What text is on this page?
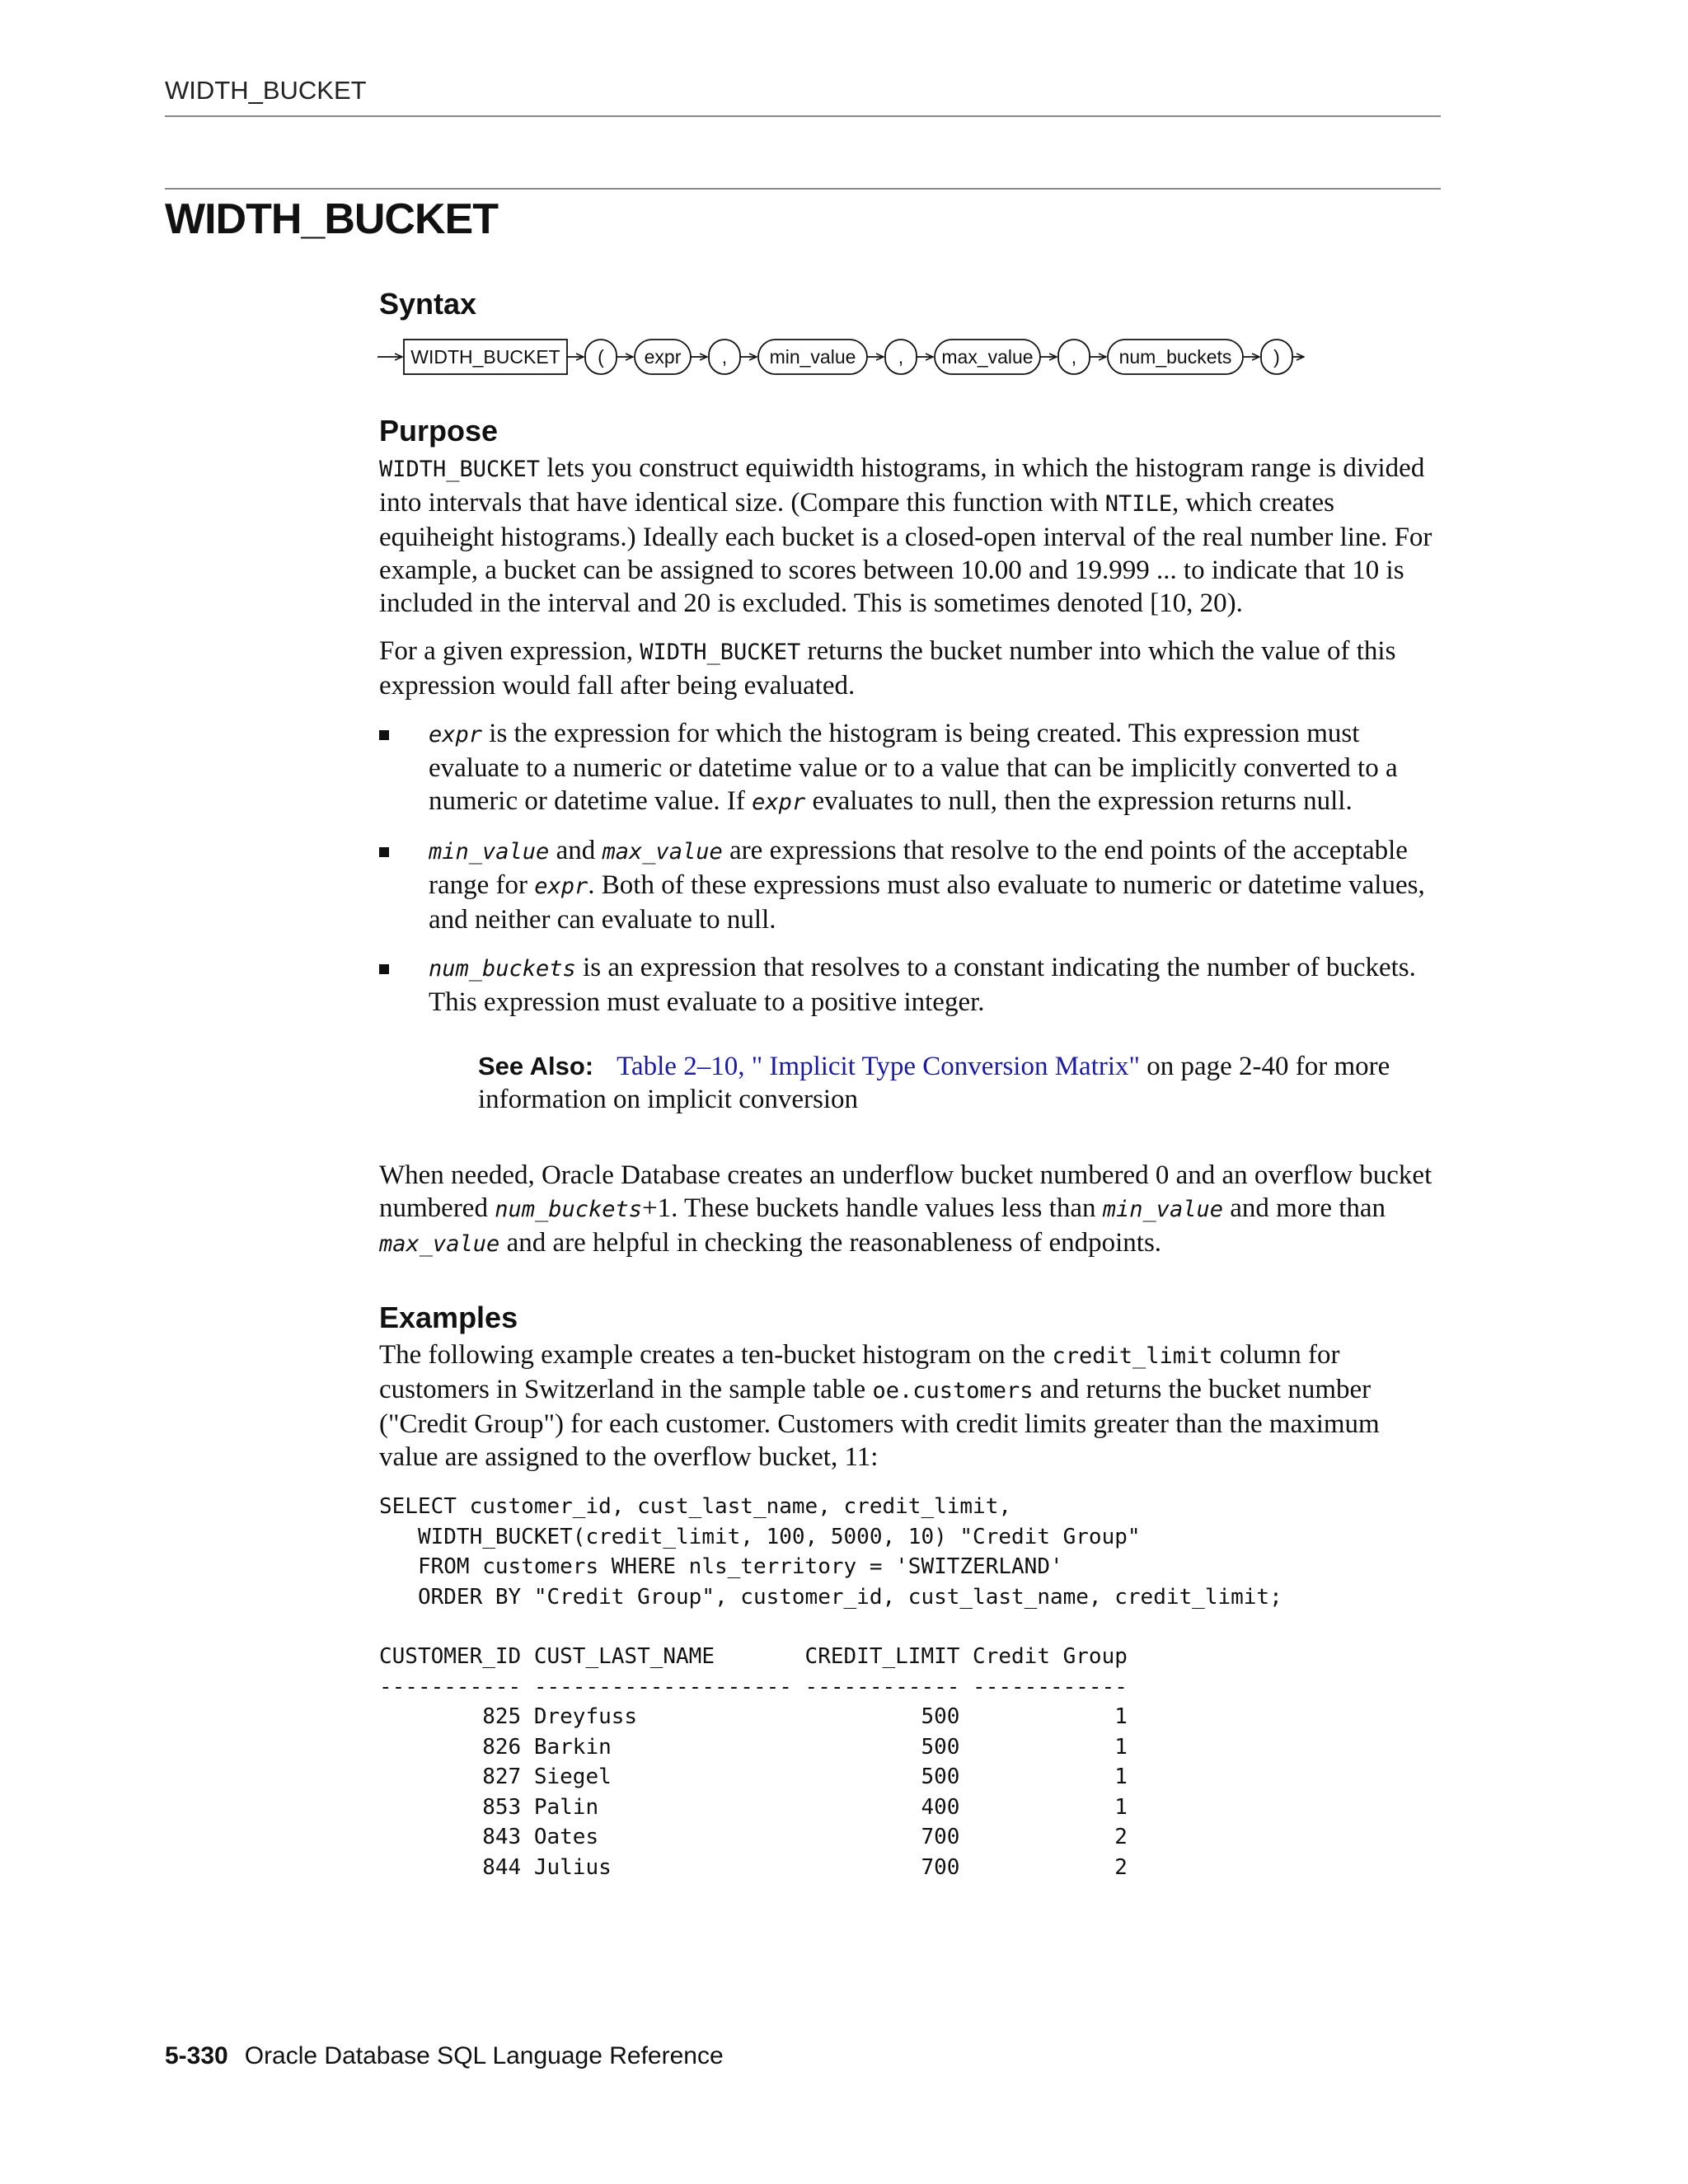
WIDTH_BUCKET
WIDTH_BUCKET
Syntax
WIDTH_BUCKET ( expr , min_value , max_value , num_buckets )
Purpose

WIDTH_BUCKET lets you construct equiwidth histograms, in which the histogram range is divided into intervals that have identical size. (Compare this function with NTILE, which creates equiheight histograms.) Ideally each bucket is a closed-open interval of the real number line. For example, a bucket can be assigned to scores between 10.00 and 19.999 ... to indicate that 10 is included in the interval and 20 is excluded. This is sometimes denoted [10, 20).

For a given expression, WIDTH_BUCKET returns the bucket number into which the value of this expression would fall after being evaluated.

expr is the expression for which the histogram is being created. This expression must evaluate to a numeric or datetime value or to a value that can be implicitly converted to a numeric or datetime value. If expr evaluates to null, then the expression returns null.

min_value and max_value are expressions that resolve to the end points of the acceptable range for expr. Both of these expressions must also evaluate to numeric or datetime values, and neither can evaluate to null.

num_buckets is an expression that resolves to a constant indicating the number of buckets. This expression must evaluate to a positive integer.

See Also: Table 2–10, " Implicit Type Conversion Matrix" on page 2-40 for more information on implicit conversion

When needed, Oracle Database creates an underflow bucket numbered 0 and an overflow bucket numbered num_buckets+1. These buckets handle values less than min_value and more than max_value and are helpful in checking the reasonableness of endpoints.

Examples

The following example creates a ten-bucket histogram on the credit_limit column for customers in Switzerland in the sample table oe.customers and returns the bucket number ("Credit Group") for each customer. Customers with credit limits greater than the maximum value are assigned to the overflow bucket, 11:

SELECT customer_id, cust_last_name, credit_limit,
WIDTH_BUCKET(credit_limit, 100, 5000, 10) "Credit Group"
FROM customers WHERE nls_territory = 'SWITZERLAND'
ORDER BY "Credit Group", customer_id, cust_last_name, credit_limit;
CUSTOMER_ID CUST_LAST_NAME       CREDIT_LIMIT Credit Group
----------- -------------------- ------------ ------------
825 Dreyfuss                      500            1
826 Barkin                        500            1
827 Siegel                        500            1
853 Palin                         400            1
843 Oates                         700            2
844 Julius                        700            2
5-330 Oracle Database SQL Language Reference
